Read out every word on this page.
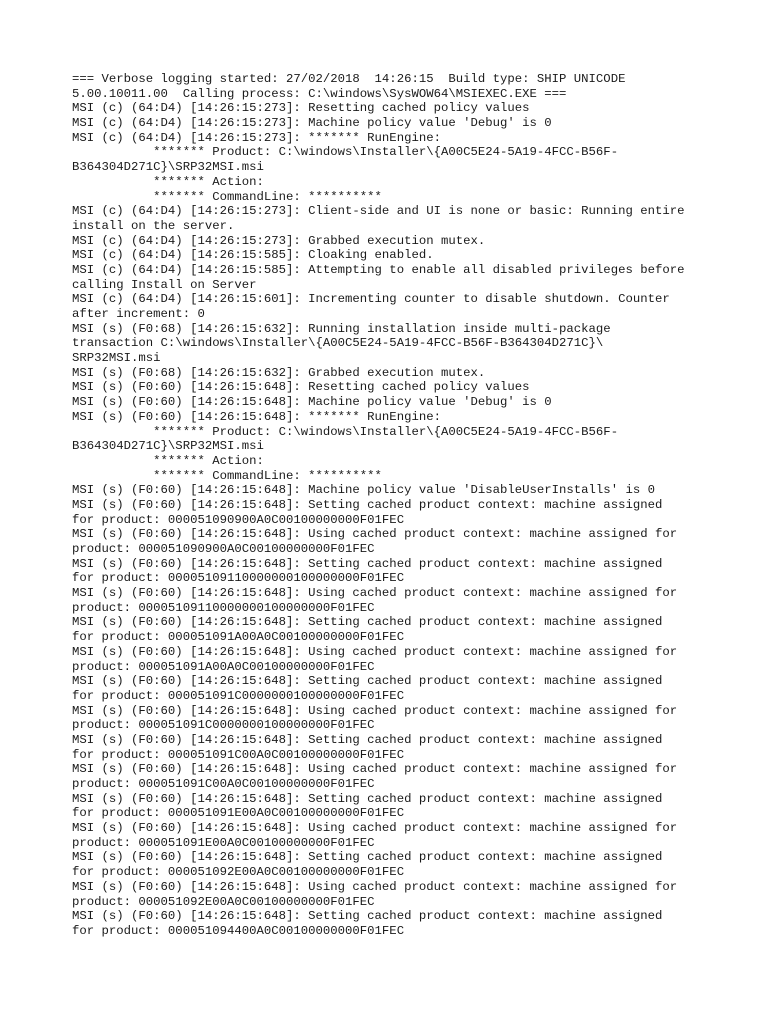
=== Verbose logging started: 27/02/2018  14:26:15  Build type: SHIP UNICODE
5.00.10011.00  Calling process: C:\windows\SysWOW64\MSIEXEC.EXE ===
MSI (c) (64:D4) [14:26:15:273]: Resetting cached policy values
MSI (c) (64:D4) [14:26:15:273]: Machine policy value 'Debug' is 0
MSI (c) (64:D4) [14:26:15:273]: ******* RunEngine:
******* Product: C:\windows\Installer\{A00C5E24-5A19-4FCC-B56F-
B364304D271C}\SRP32MSI.msi
******* Action:
******* CommandLine: **********
MSI (c) (64:D4) [14:26:15:273]: Client-side and UI is none or basic: Running entire
install on the server.
MSI (c) (64:D4) [14:26:15:273]: Grabbed execution mutex.
MSI (c) (64:D4) [14:26:15:585]: Cloaking enabled.
MSI (c) (64:D4) [14:26:15:585]: Attempting to enable all disabled privileges before
calling Install on Server
MSI (c) (64:D4) [14:26:15:601]: Incrementing counter to disable shutdown. Counter
after increment: 0
MSI (s) (F0:68) [14:26:15:632]: Running installation inside multi-package
transaction C:\windows\Installer\{A00C5E24-5A19-4FCC-B56F-B364304D271C}\
SRP32MSI.msi
MSI (s) (F0:68) [14:26:15:632]: Grabbed execution mutex.
MSI (s) (F0:60) [14:26:15:648]: Resetting cached policy values
MSI (s) (F0:60) [14:26:15:648]: Machine policy value 'Debug' is 0
MSI (s) (F0:60) [14:26:15:648]: ******* RunEngine:
******* Product: C:\windows\Installer\{A00C5E24-5A19-4FCC-B56F-
B364304D271C}\SRP32MSI.msi
******* Action:
******* CommandLine: **********
MSI (s) (F0:60) [14:26:15:648]: Machine policy value 'DisableUserInstalls' is 0
MSI (s) (F0:60) [14:26:15:648]: Setting cached product context: machine assigned
for product: 000051090900A0C00100000000F01FEC
MSI (s) (F0:60) [14:26:15:648]: Using cached product context: machine assigned for
product: 000051090900A0C00100000000F01FEC
MSI (s) (F0:60) [14:26:15:648]: Setting cached product context: machine assigned
for product: 00005109110000000100000000F01FEC
MSI (s) (F0:60) [14:26:15:648]: Using cached product context: machine assigned for
product: 00005109110000000100000000F01FEC
MSI (s) (F0:60) [14:26:15:648]: Setting cached product context: machine assigned
for product: 000051091A00A0C00100000000F01FEC
MSI (s) (F0:60) [14:26:15:648]: Using cached product context: machine assigned for
product: 000051091A00A0C00100000000F01FEC
MSI (s) (F0:60) [14:26:15:648]: Setting cached product context: machine assigned
for product: 000051091C0000000100000000F01FEC
MSI (s) (F0:60) [14:26:15:648]: Using cached product context: machine assigned for
product: 000051091C0000000100000000F01FEC
MSI (s) (F0:60) [14:26:15:648]: Setting cached product context: machine assigned
for product: 000051091C00A0C00100000000F01FEC
MSI (s) (F0:60) [14:26:15:648]: Using cached product context: machine assigned for
product: 000051091C00A0C00100000000F01FEC
MSI (s) (F0:60) [14:26:15:648]: Setting cached product context: machine assigned
for product: 000051091E00A0C00100000000F01FEC
MSI (s) (F0:60) [14:26:15:648]: Using cached product context: machine assigned for
product: 000051091E00A0C00100000000F01FEC
MSI (s) (F0:60) [14:26:15:648]: Setting cached product context: machine assigned
for product: 000051092E00A0C00100000000F01FEC
MSI (s) (F0:60) [14:26:15:648]: Using cached product context: machine assigned for
product: 000051092E00A0C00100000000F01FEC
MSI (s) (F0:60) [14:26:15:648]: Setting cached product context: machine assigned
for product: 000051094400A0C00100000000F01FEC
